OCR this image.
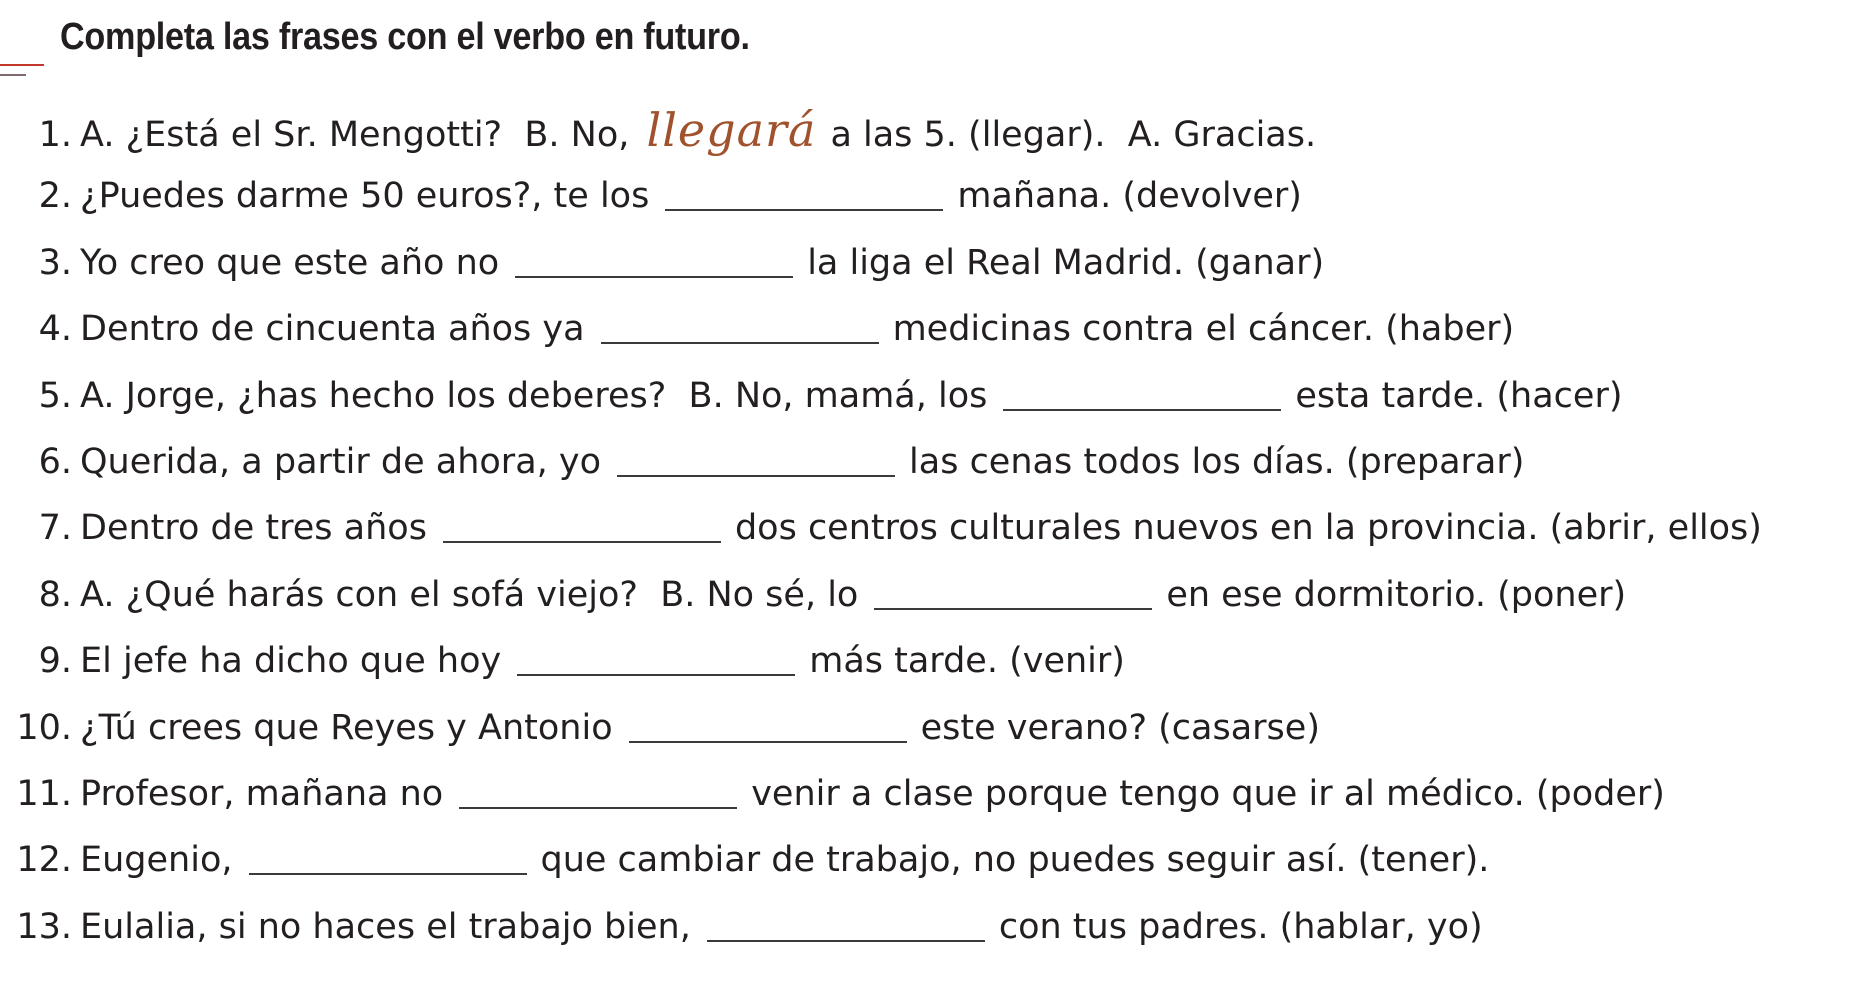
Completa las frases con el verbo en futuro.
1. A. ¿Está el Sr. Mengotti?  B. No, llegará a las 5. (llegar).  A. Gracias.
2. ¿Puedes darme 50 euros?, te los	mañana. (devolver)
3. Yo creo que este año no	la liga el Real Madrid. (ganar)
4. Dentro de cincuenta años ya	medicinas contra el cáncer. (haber)
5. A. Jorge, ¿has hecho los deberes?  B. No, mamá, los	esta tarde. (hacer)
6. Querida, a partir de ahora, yo	las cenas todos los días. (preparar)
7. Dentro de tres años	dos centros culturales nuevos en la provincia. (abrir, ellos)
8. A. ¿Qué harás con el sofá viejo?  B. No sé, lo	en ese dormitorio. (poner)
9. El jefe ha dicho que hoy	más tarde. (venir)
10. ¿Tú crees que Reyes y Antonio	este verano? (casarse)
11. Profesor, mañana no	venir a clase porque tengo que ir al médico. (poder)
12. Eugenio,	que cambiar de trabajo, no puedes seguir así. (tener).
13. Eulalia, si no haces el trabajo bien,	con tus padres. (hablar, yo)
